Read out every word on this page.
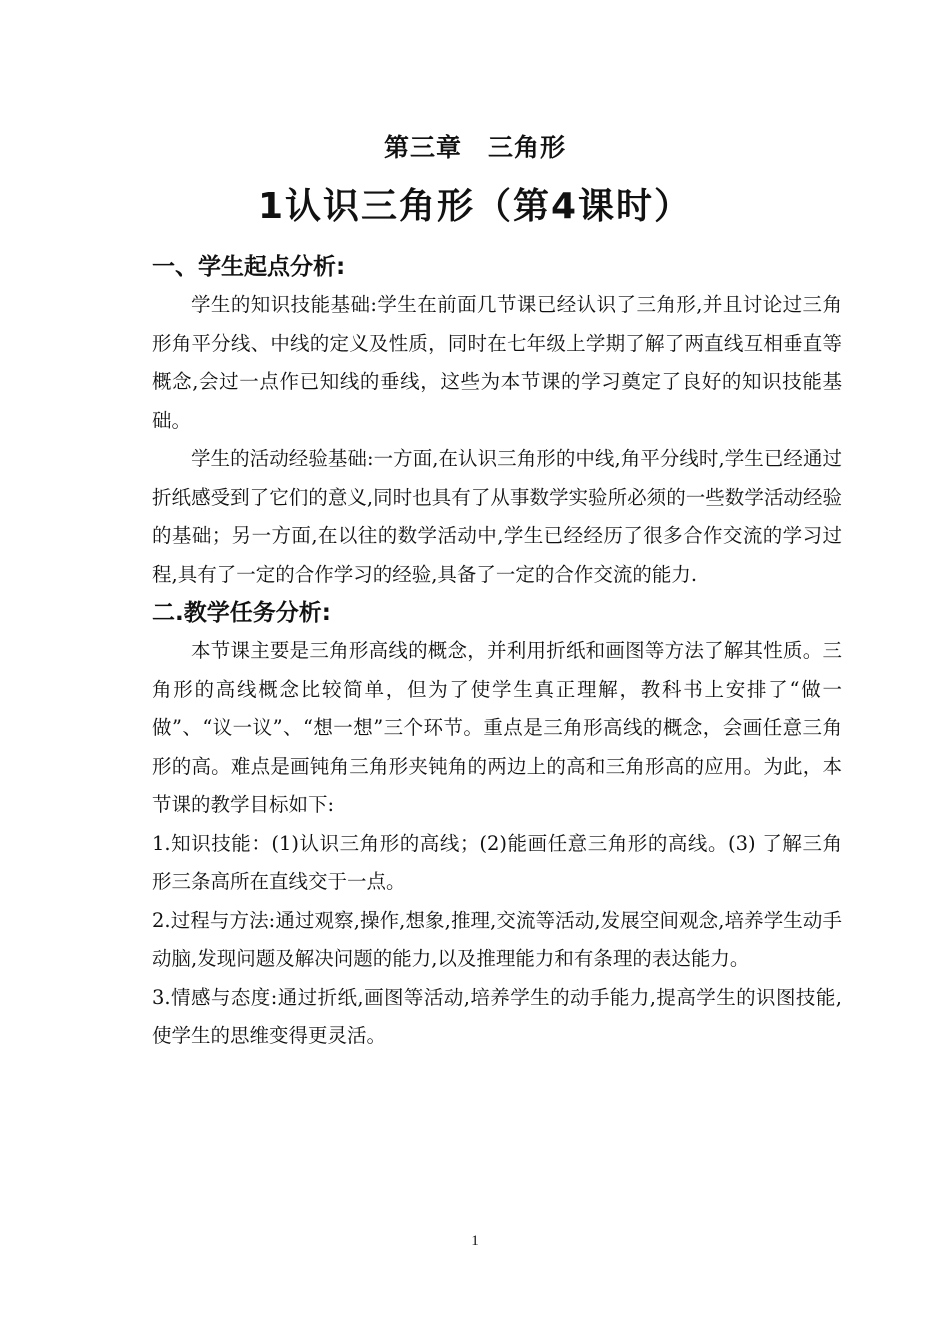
第三章　三角形
1认识三角形（第4课时）

一、学生起点分析:

学生的知识技能基础:学生在前面几节课已经认识了三角形,并且讨论过三角形角平分线、中线的定义及性质，同时在七年级上学期了解了两直线互相垂直等概念,会过一点作已知线的垂线，这些为本节课的学习奠定了良好的知识技能基础。

学生的活动经验基础:一方面,在认识三角形的中线,角平分线时,学生已经通过折纸感受到了它们的意义,同时也具有了从事数学实验所必须的一些数学活动经验的基础；另一方面,在以往的数学活动中,学生已经经历了很多合作交流的学习过程,具有了一定的合作学习的经验,具备了一定的合作交流的能力.

二.教学任务分析:

本节课主要是三角形高线的概念，并利用折纸和画图等方法了解其性质。三角形的高线概念比较简单，但为了使学生真正理解，教科书上安排了“做一做”、“议一议”、“想一想”三个环节。重点是三角形高线的概念，会画任意三角形的高。难点是画钝角三角形夹钝角的两边上的高和三角形高的应用。为此，本节课的教学目标如下:

1.知识技能：(1)认识三角形的高线；(2)能画任意三角形的高线。(3) 了解三角形三条高所在直线交于一点。

2.过程与方法:通过观察,操作,想象,推理,交流等活动,发展空间观念,培养学生动手动脑,发现问题及解决问题的能力,以及推理能力和有条理的表达能力。

3.情感与态度:通过折纸,画图等活动,培养学生的动手能力,提高学生的识图技能,使学生的思维变得更灵活。

1
